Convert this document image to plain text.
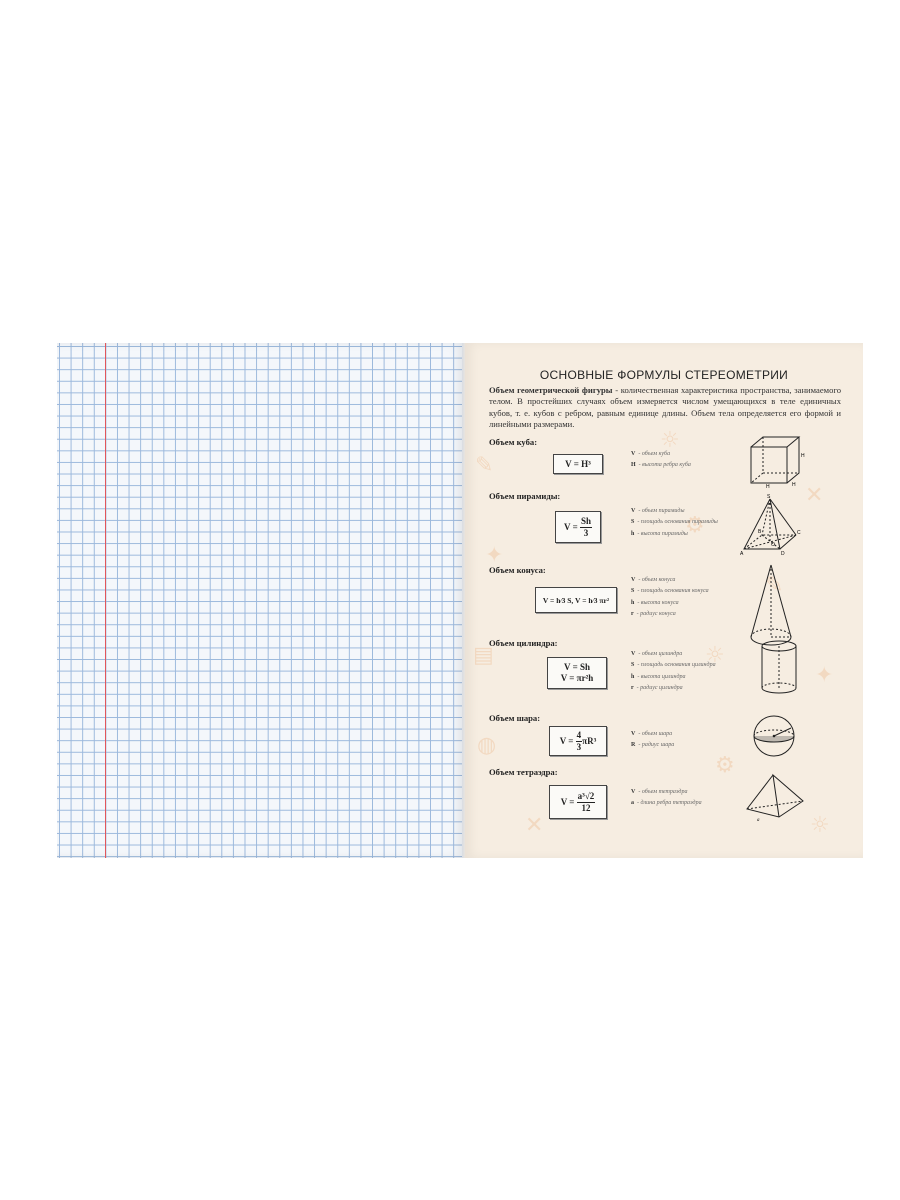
✎
☼
✕
✦
⚙
✎
▤	☼
✦
◍
⚙
☼
✕
ОСНОВНЫЕ ФОРМУЛЫ СТЕРЕОМЕТРИИ
Объем геометрической фигуры - количественная характеристика пространства, занимаемого телом. В простейших случаях объем измеряется числом умещающихся в теле единичных кубов, т. е. кубов с ребром, равным единице длины. Объем тела определяется его формой и линейными размерами.
Объем куба:
V = H³
V - объем куба
H - высота ребра куба
H
H	H
Объем пирамиды:
V =
$\frac{Sh}{3}$
V - объем пирамиды
S - площадь основания пирамиды
h - высота пирамиды
S
B	C
O
A	D
Объем конуса:
V = h⁄3 S, V = h⁄3 πr²
V - объем конуса
S - площадь основания конуса
h - высота конуса
r - радиус конуса
Объем цилиндра:
V = Sh
V = πr²h
V - объем цилиндра
S - площадь основания цилиндра
h - высота цилиндра
r - радиус цилиндра
Объем шара:
V =
$\frac{4}{3} \pi R^3$
V - объем шара
R - радиус шара
Объем тетраэдра:
V =
$\frac{\text{a³√2}}{12}$	V - объем тетраэдра
a - длина ребра тетраэдра
a
